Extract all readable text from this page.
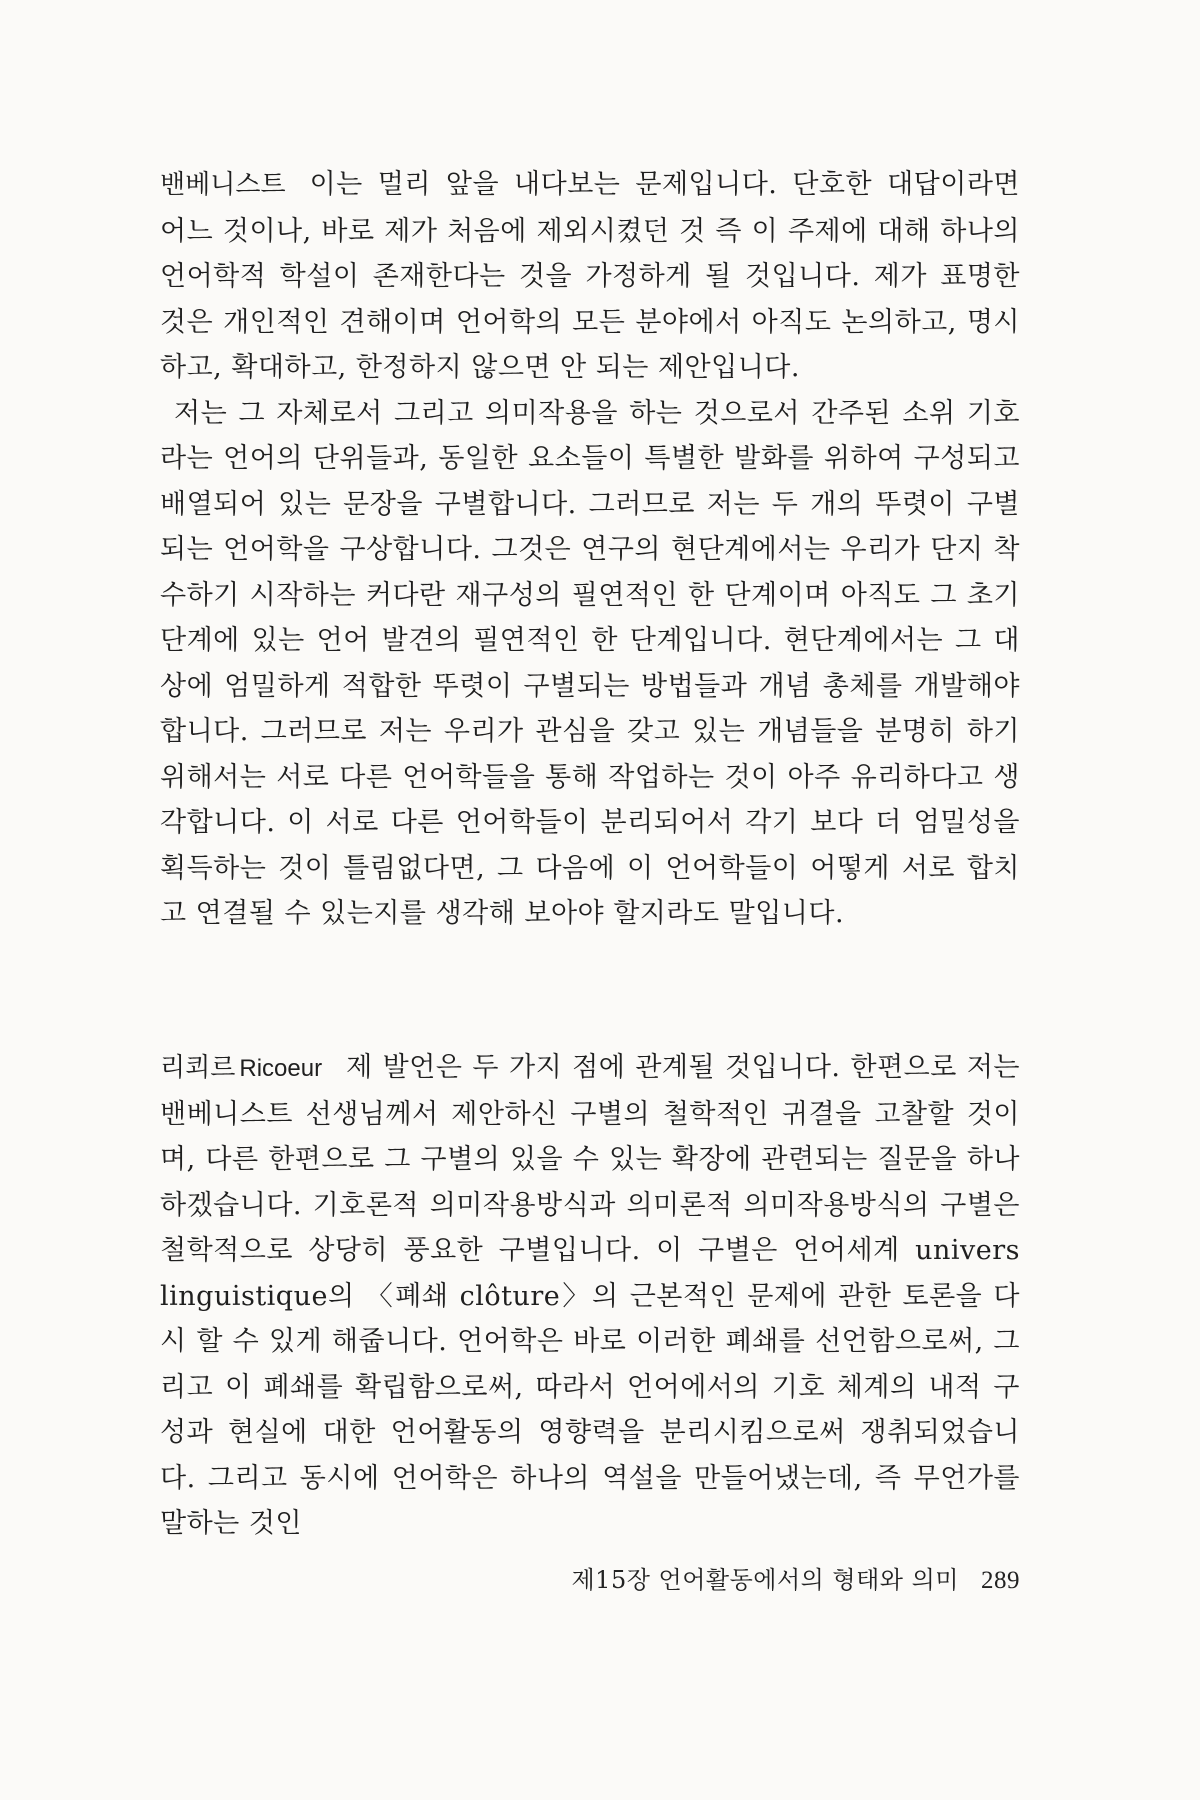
밴베니스트 이는 멀리 앞을 내다보는 문제입니다. 단호한 대답이라면 어느 것이나, 바로 제가 처음에 제외시켰던 것 즉 이 주제에 대해 하나의 언어학적 학설이 존재한다는 것을 가정하게 될 것입니다. 제가 표명한 것은 개인적인 견해이며 언어학의 모든 분야에서 아직도 논의하고, 명시하고, 확대하고, 한정하지 않으면 안 되는 제안입니다.

저는 그 자체로서 그리고 의미작용을 하는 것으로서 간주된 소위 기호라는 언어의 단위들과, 동일한 요소들이 특별한 발화를 위하여 구성되고 배열되어 있는 문장을 구별합니다. 그러므로 저는 두 개의 뚜렷이 구별되는 언어학을 구상합니다. 그것은 연구의 현단계에서는 우리가 단지 착수하기 시작하는 커다란 재구성의 필연적인 한 단계이며 아직도 그 초기단계에 있는 언어 발견의 필연적인 한 단계입니다. 현단계에서는 그 대상에 엄밀하게 적합한 뚜렷이 구별되는 방법들과 개념 총체를 개발해야 합니다. 그러므로 저는 우리가 관심을 갖고 있는 개념들을 분명히 하기 위해서는 서로 다른 언어학들을 통해 작업하는 것이 아주 유리하다고 생각합니다. 이 서로 다른 언어학들이 분리되어서 각기 보다 더 엄밀성을 획득하는 것이 틀림없다면, 그 다음에 이 언어학들이 어떻게 서로 합치고 연결될 수 있는지를 생각해 보아야 할지라도 말입니다.

리쾨르 Ricoeur 제 발언은 두 가지 점에 관계될 것입니다. 한편으로 저는 밴베니스트 선생님께서 제안하신 구별의 철학적인 귀결을 고찰할 것이며, 다른 한편으로 그 구별의 있을 수 있는 확장에 관련되는 질문을 하나 하겠습니다. 기호론적 의미작용방식과 의미론적 의미작용방식의 구별은 철학적으로 상당히 풍요한 구별입니다. 이 구별은 언어세계 univers linguistique의 〈폐쇄 clôture〉의 근본적인 문제에 관한 토론을 다시 할 수 있게 해줍니다. 언어학은 바로 이러한 폐쇄를 선언함으로써, 그리고 이 폐쇄를 확립함으로써, 따라서 언어에서의 기호 체계의 내적 구성과 현실에 대한 언어활동의 영향력을 분리시킴으로써 쟁취되었습니다. 그리고 동시에 언어학은 하나의 역설을 만들어냈는데, 즉 무언가를 말하는 것인

제15장 언어활동에서의 형태와 의미 289
